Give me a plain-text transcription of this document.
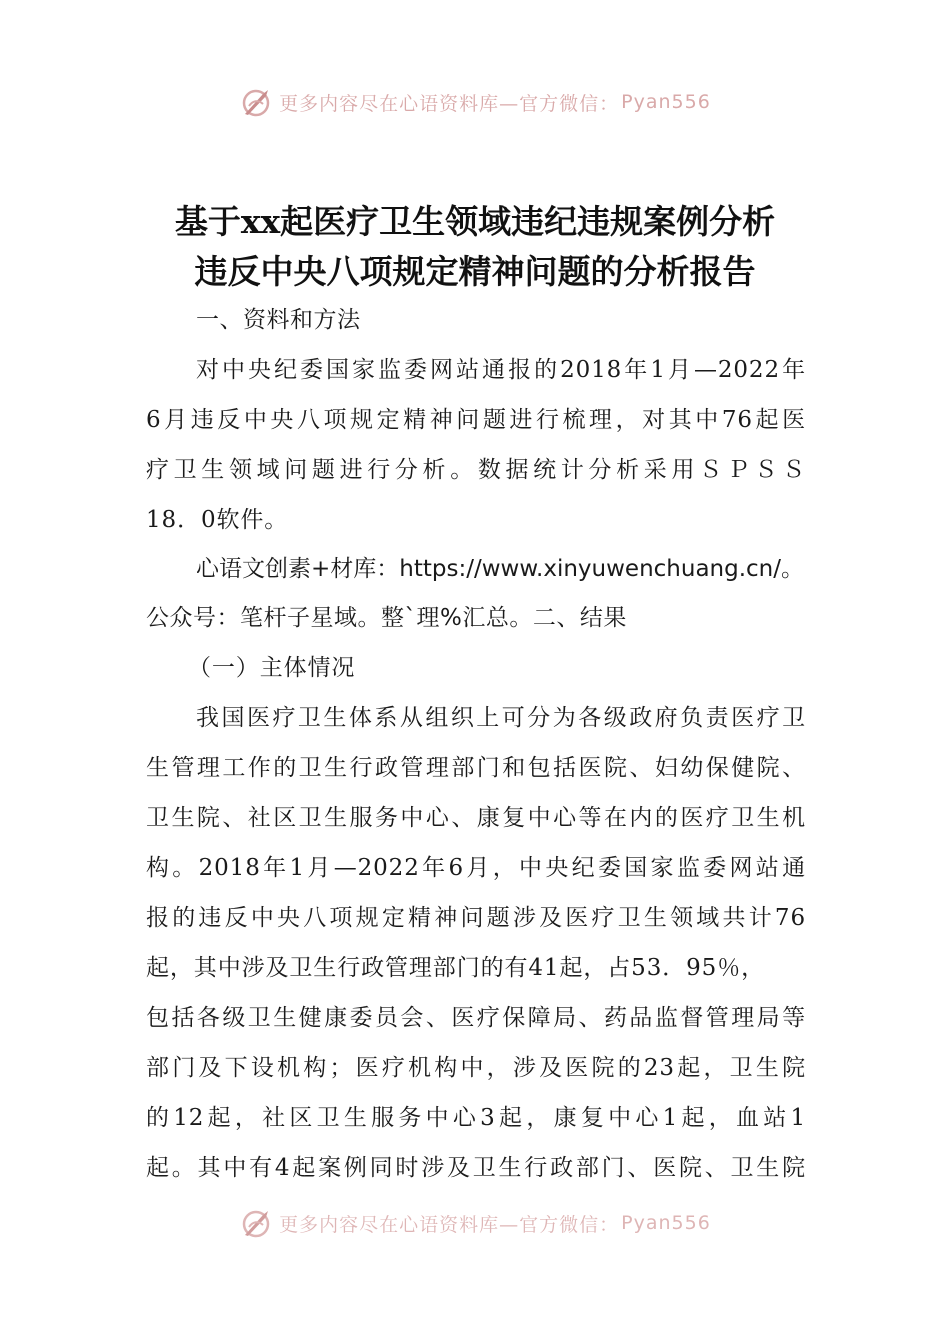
更多内容尽在心语资料库—官方微信： Pyan556
基于xx起医疗卫生领域违纪违规案例分析
违反中央八项规定精神问题的分析报告
一、资料和方法
对中央纪委国家监委网站通报的2018年1月—2022年
6月违反中央八项规定精神问题进行梳理，对其中76起医
疗卫生领域问题进行分析。数据统计分析采用ＳＰＳＳ
18．0软件。
心语文创素+材库：https://www.xinyuwenchuang.cn/。
公众号：笔杆子星域。整`理%汇总。二、结果
（一）主体情况
我国医疗卫生体系从组织上可分为各级政府负责医疗卫
生管理工作的卫生行政管理部门和包括医院、妇幼保健院、
卫生院、社区卫生服务中心、康复中心等在内的医疗卫生机
构。2018年1月—2022年6月，中央纪委国家监委网站通
报的违反中央八项规定精神问题涉及医疗卫生领域共计76
起，其中涉及卫生行政管理部门的有41起，占53．95％，
包括各级卫生健康委员会、医疗保障局、药品监督管理局等
部门及下设机构；医疗机构中，涉及医院的23起，卫生院
的12起，社区卫生服务中心3起，康复中心1起，血站1
起。其中有4起案例同时涉及卫生行政部门、医院、卫生院
更多内容尽在心语资料库—官方微信： Pyan556
